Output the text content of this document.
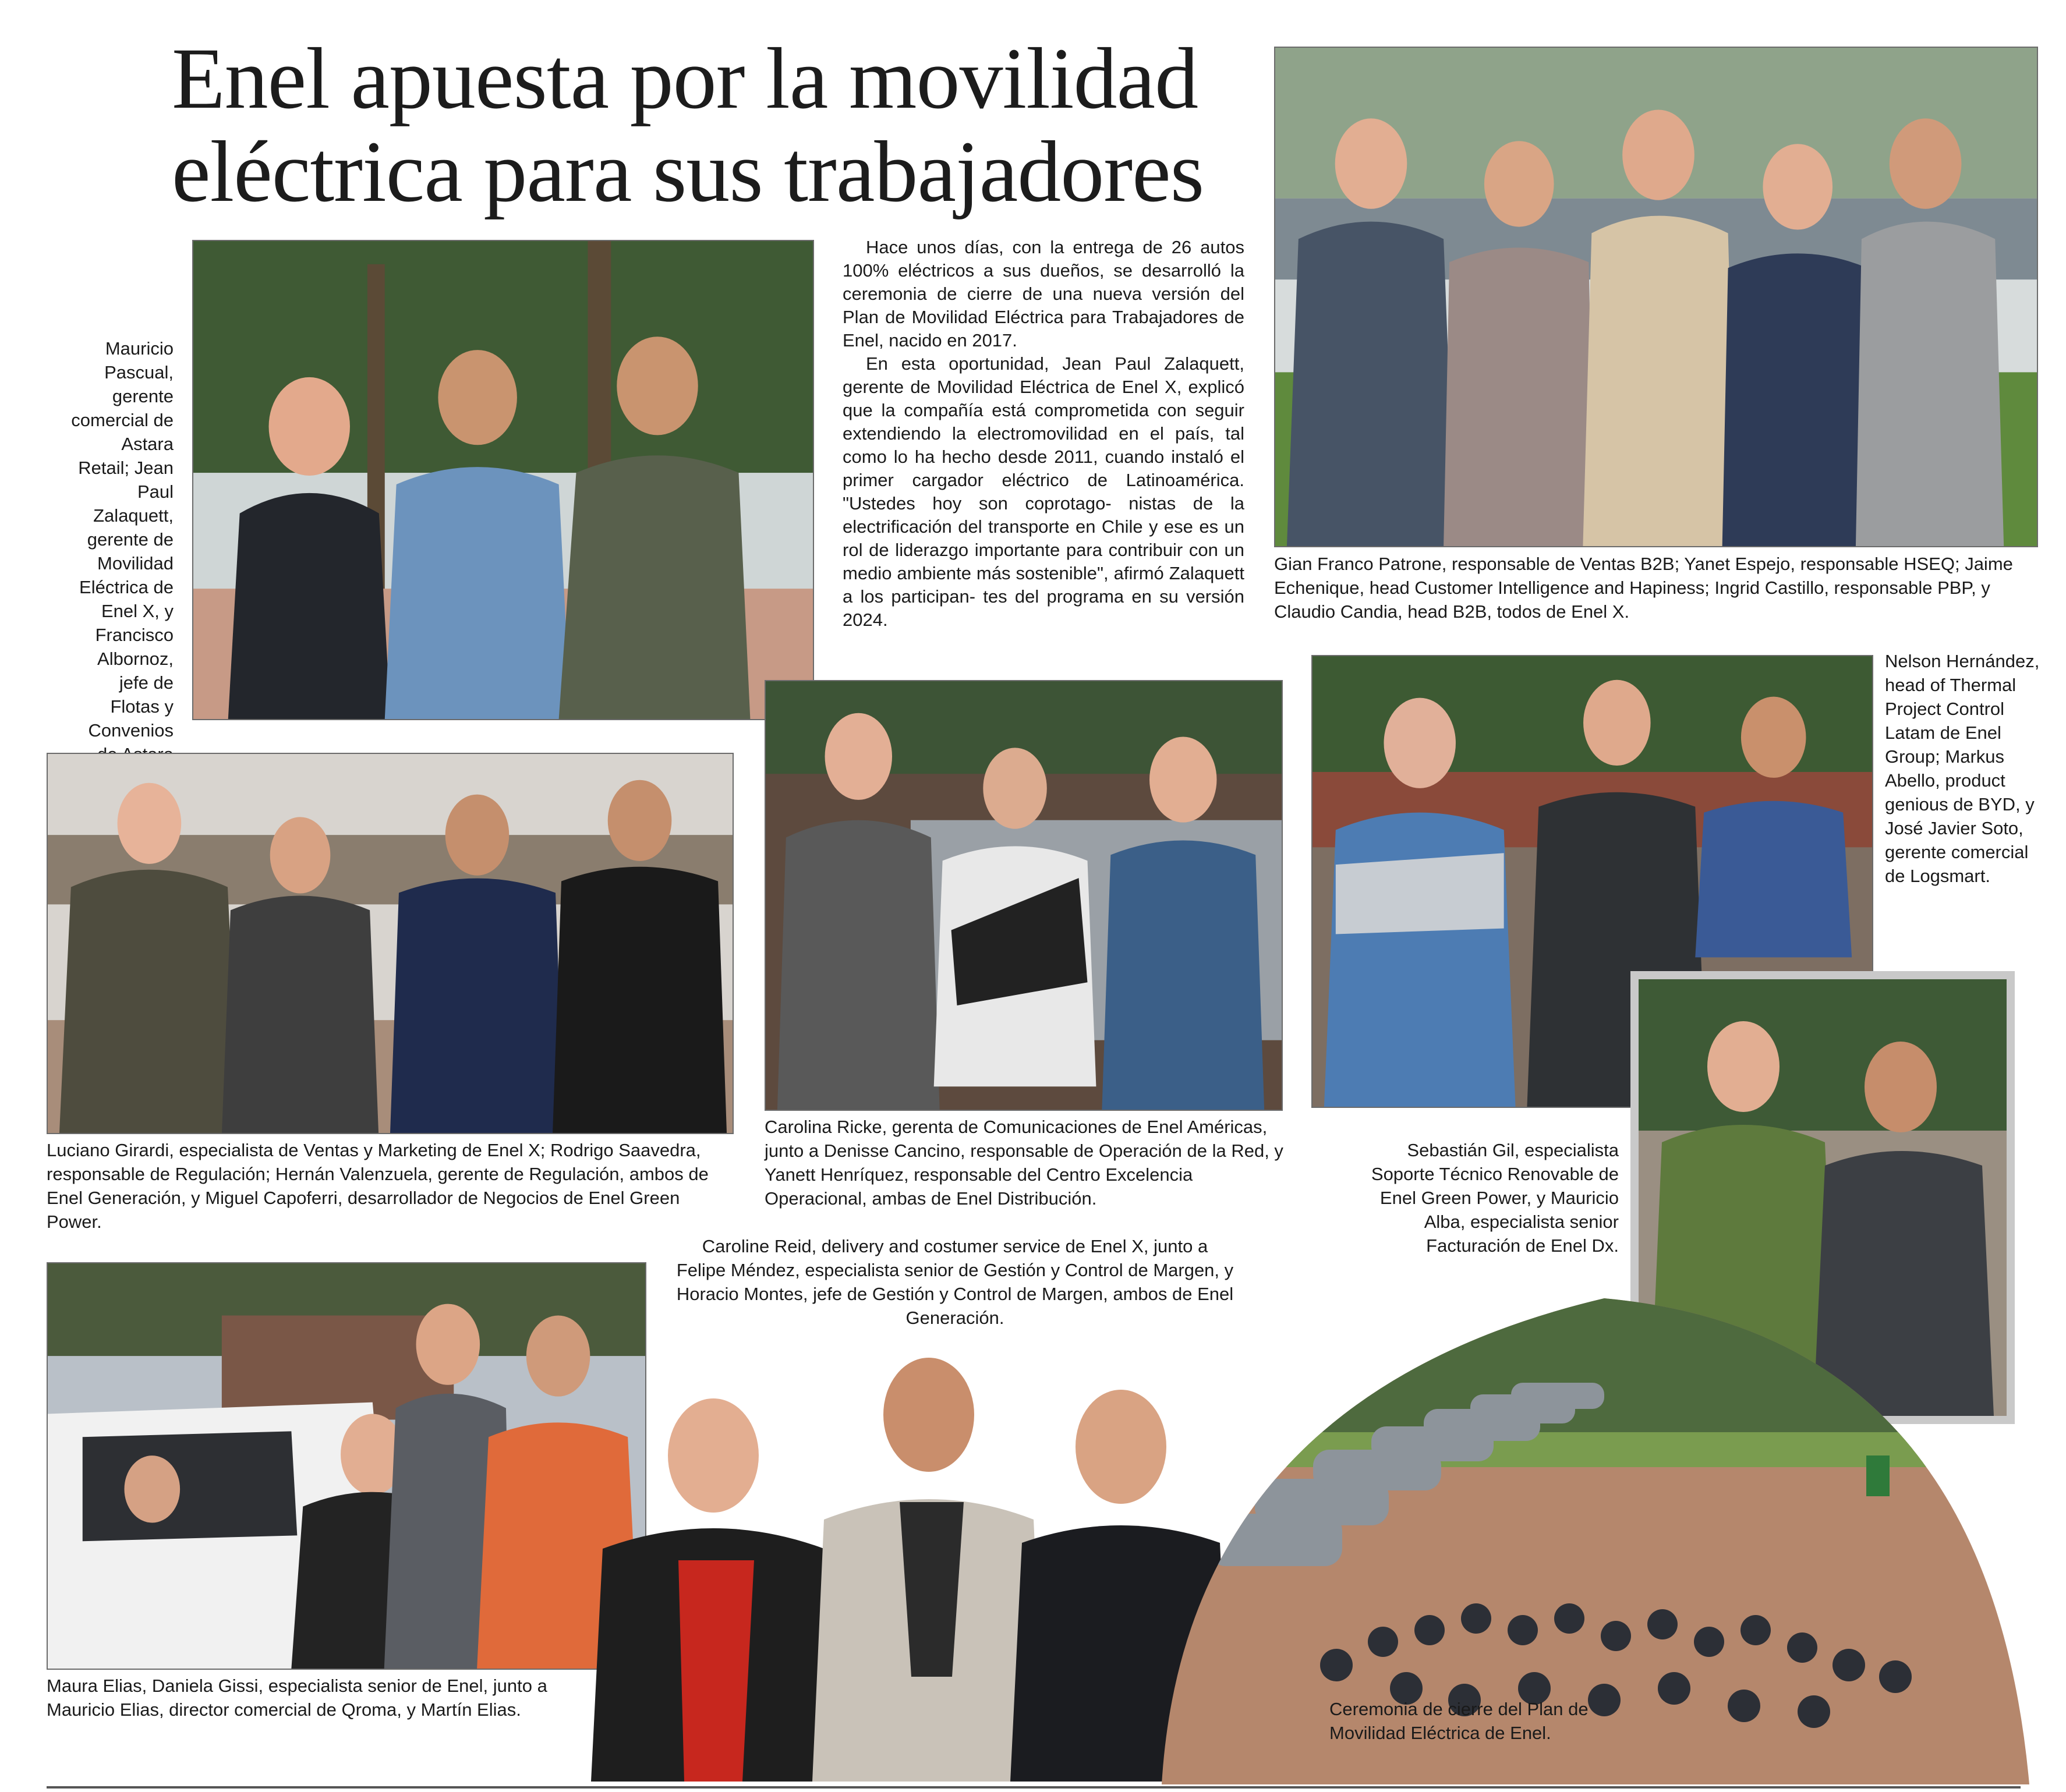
Enel apuesta por la movilidad
eléctrica para sus trabajadores
Mauricio Pascual, gerente comercial de Astara Retail; Jean Paul Zalaquett, gerente de Movilidad Eléctrica de Enel X, y Francisco Albornoz, jefe de Flotas y Convenios

Hace unos días, con la entrega de 26 autos 100% eléctricos a sus dueños, se desarrolló la ceremonia de cierre de una nueva versión del Plan de Movilidad Eléctrica para Trabajadores de Enel, nacido en 2017.

En esta oportunidad, Jean Paul Zalaquett, gerente de Movilidad Eléctrica de Enel X, explicó que la compañía está comprometida con seguir extendiendo la electromovilidad en el país, tal como lo ha hecho desde 2011, cuando instaló el primer cargador eléctrico de Latinoamérica. "Ustedes hoy son coprotago- nistas de la electrificación del transporte en Chile y ese es un rol de liderazgo importante para contribuir con un medio ambiente más sostenible", afirmó Zalaquett a los participan- tes del programa en su versión 2024.

Gian Franco Patrone, responsable de Ventas B2B; Yanet Espejo, responsable HSEQ; Jaime Echenique, head Customer Intelligence and Hapiness; Ingrid Castillo, responsable PBP, y Claudio Candia, head B2B, todos de Enel X.
Luciano Girardi, especialista de Ventas y Marketing de Enel X; Rodrigo Saavedra, responsable de Regulación; Hernán Valenzuela, gerente de Regulación, ambos de Enel Generación, y Miguel Capoferri, desarrollador de Negocios de Enel Green Power.
Carolina Ricke, gerenta de Comunicaciones de Enel Américas, junto a Denisse Cancino, responsable de Operación de la Red, y Yanett Henríquez, responsable del Centro Excelencia Operacional, ambas de Enel Distribución.
Nelson Hernández, head of Thermal Project Control Latam de Enel Group; Markus Abello, product genious de BYD, y José Javier Soto, gerente comercial de Logsmart.
Sebastián Gil, especialista Soporte Técnico Renovable de Enel Green Power, y Mauricio Alba, especialista senior Facturación de Enel Dx.
Maura Elias, Daniela Gissi, especialista senior de Enel, junto a Mauricio Elias, director comercial de Qroma, y Martín Elias.
Caroline Reid, delivery and costumer service de Enel X, junto a Felipe Méndez, especialista senior de Gestión y Control de Margen, y Horacio Montes, jefe de Gestión y Control de Margen, ambos de Enel Generación.
Ceremonia de cierre del Plan de Movilidad Eléctrica de Enel.
